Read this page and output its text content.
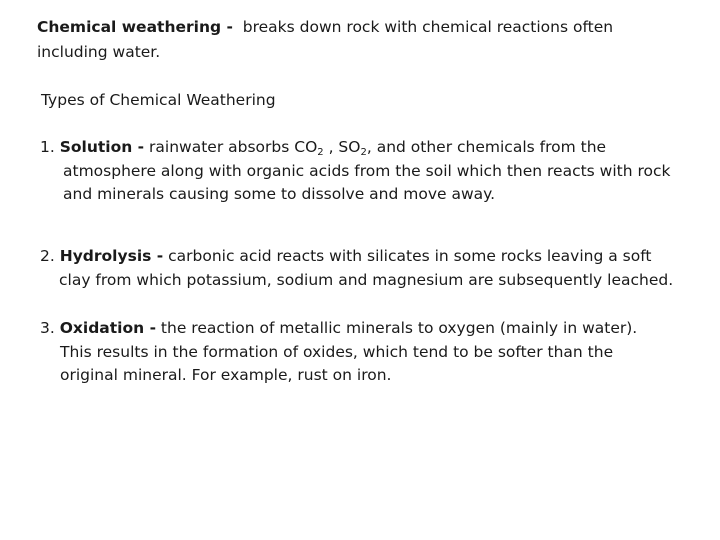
Chemical weathering -  breaks down rock with chemical reactions often
including water.
Types of Chemical Weathering
1. Solution - rainwater absorbs $CO_2$ , $SO_2$, and other chemicals from the
atmosphere along with organic acids from the soil which then reacts with rock
and minerals causing some to dissolve and move away.
2. Hydrolysis - carbonic acid reacts with silicates in some rocks leaving a soft
clay from which potassium, sodium and magnesium are subsequently leached.
3. Oxidation - the reaction of metallic minerals to oxygen (mainly in water).
This results in the formation of oxides, which tend to be softer than the
original mineral. For example, rust on iron.
